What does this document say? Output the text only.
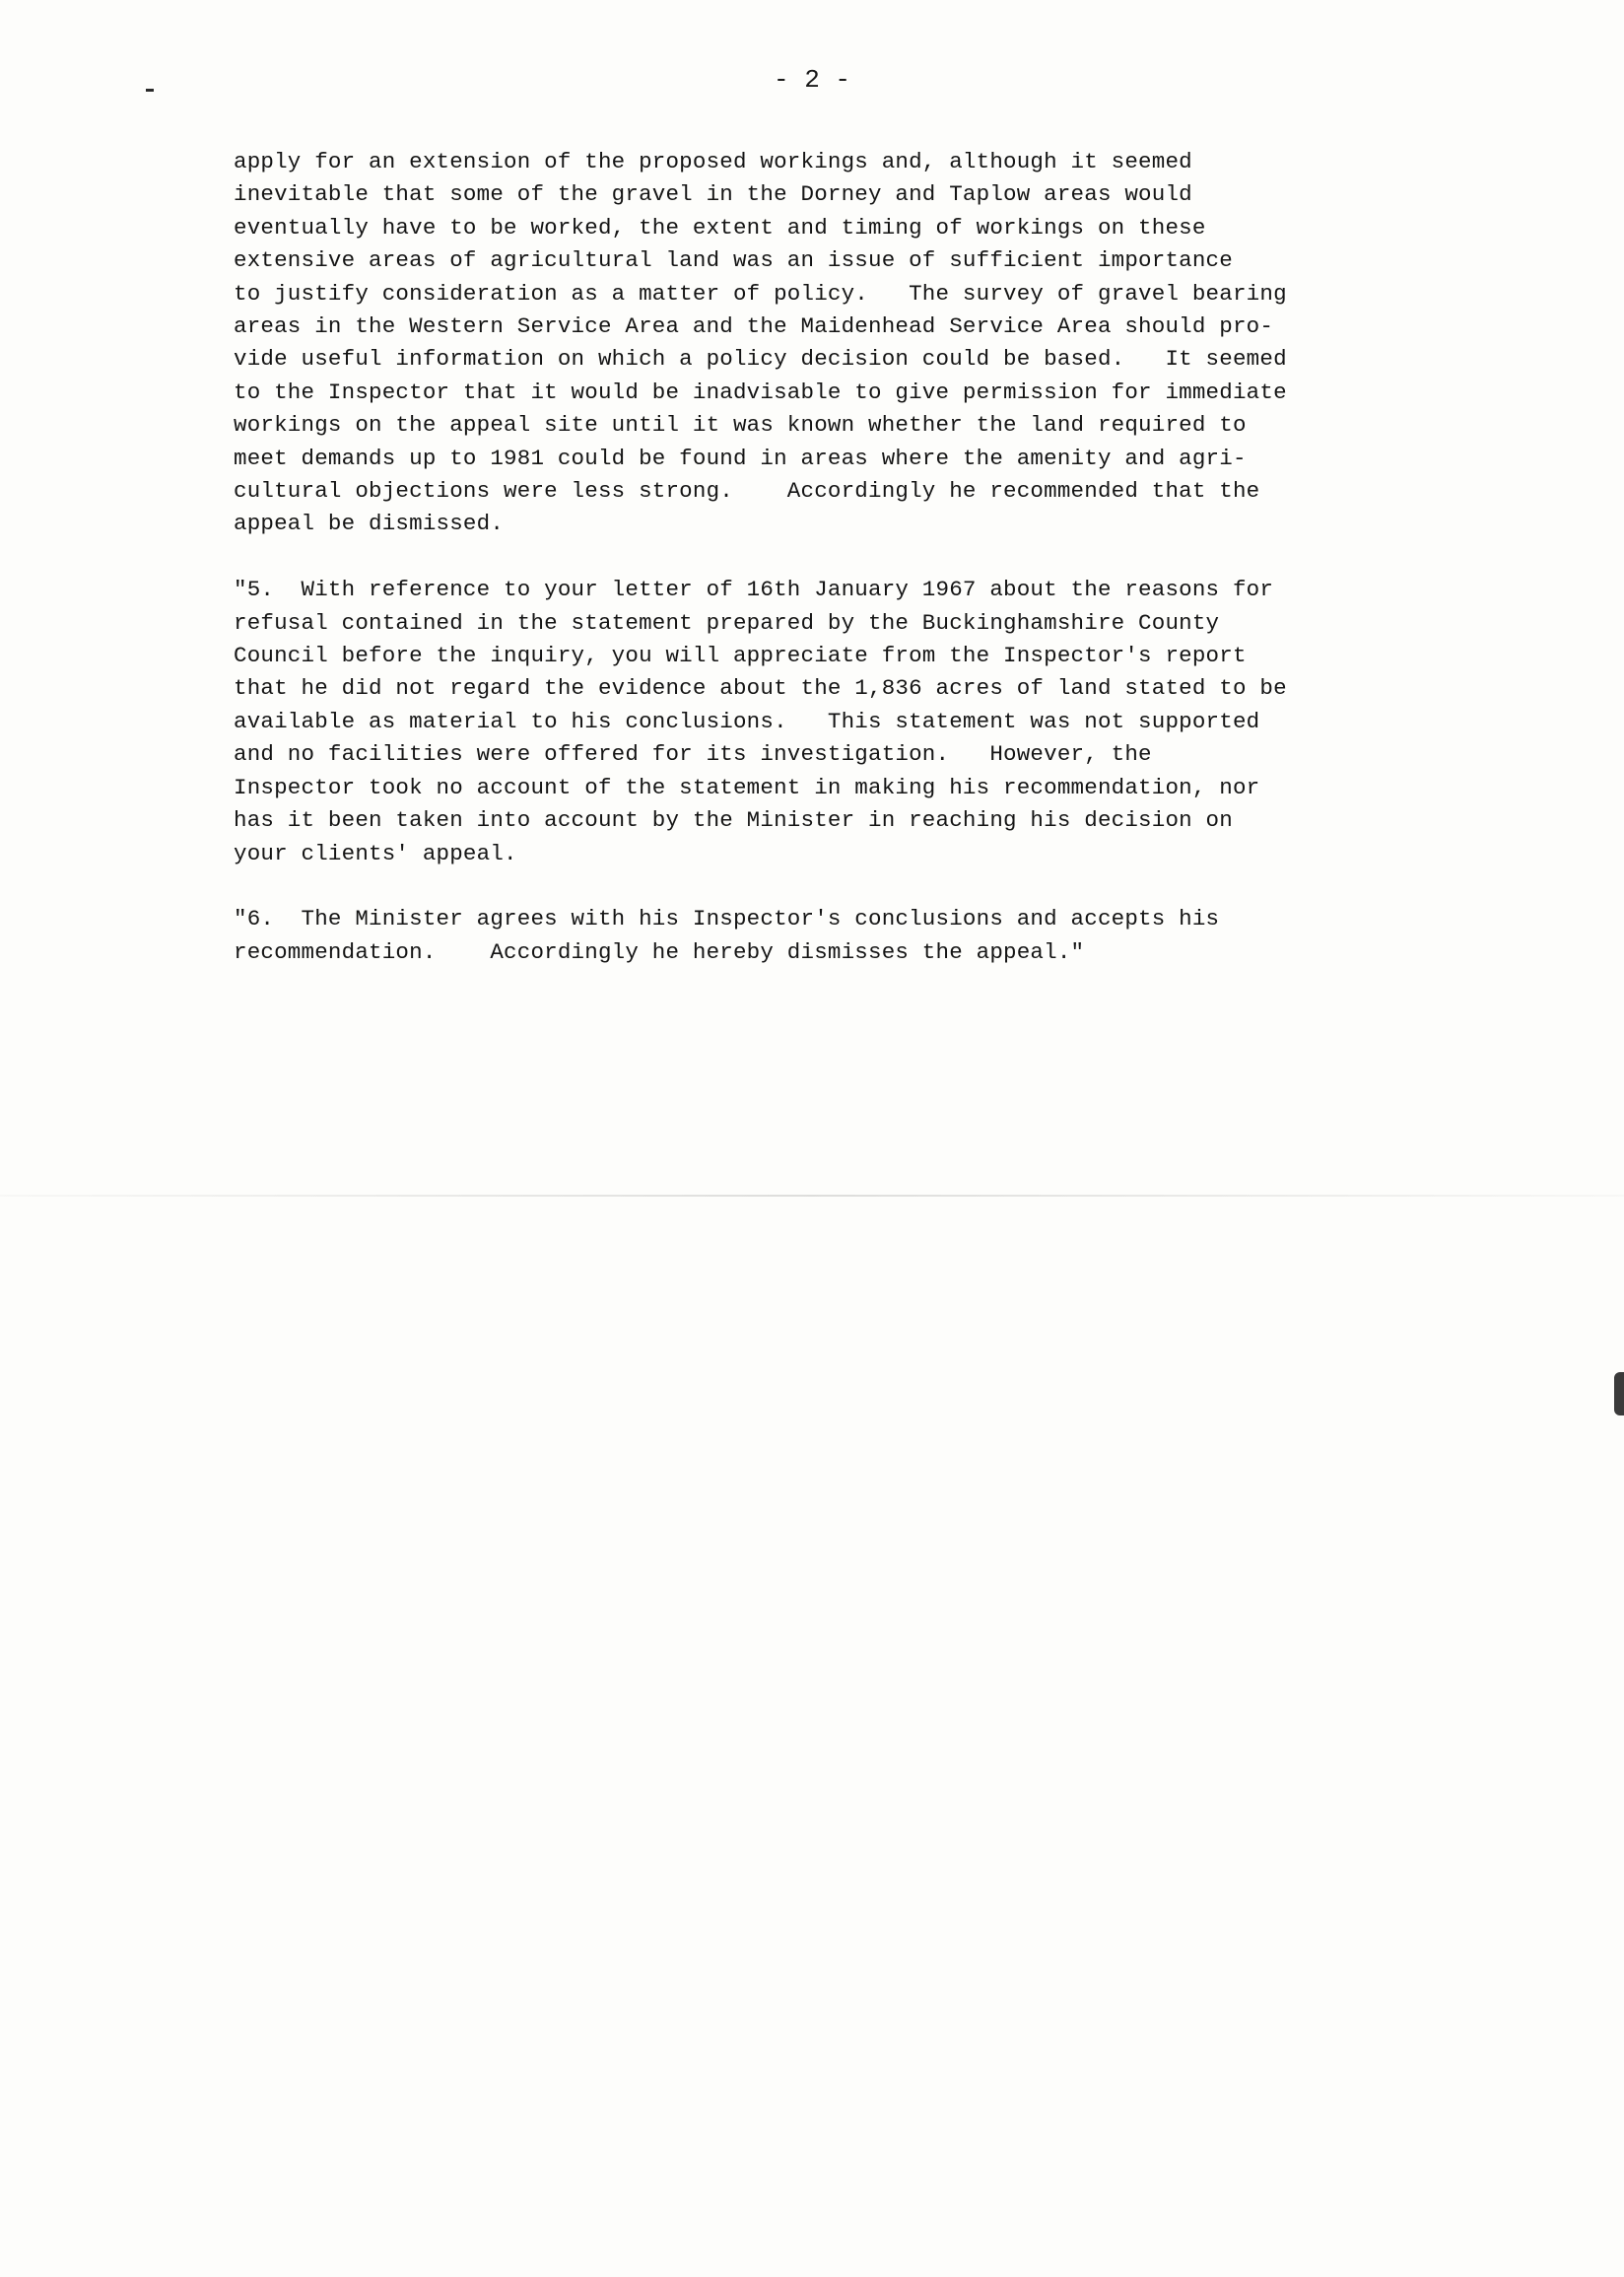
- 2 -
apply for an extension of the proposed workings and, although it seemed
inevitable that some of the gravel in the Dorney and Taplow areas would
eventually have to be worked, the extent and timing of workings on these
extensive areas of agricultural land was an issue of sufficient importance
to justify consideration as a matter of policy.   The survey of gravel bearing
areas in the Western Service Area and the Maidenhead Service Area should pro-
vide useful information on which a policy decision could be based.   It seemed
to the Inspector that it would be inadvisable to give permission for immediate
workings on the appeal site until it was known whether the land required to
meet demands up to 1981 could be found in areas where the amenity and agri-
cultural objections were less strong.    Accordingly he recommended that the
appeal be dismissed.
"5.  With reference to your letter of 16th January 1967 about the reasons for
refusal contained in the statement prepared by the Buckinghamshire County
Council before the inquiry, you will appreciate from the Inspector's report
that he did not regard the evidence about the 1,836 acres of land stated to be
available as material to his conclusions.   This statement was not supported
and no facilities were offered for its investigation.   However, the
Inspector took no account of the statement in making his recommendation, nor
has it been taken into account by the Minister in reaching his decision on
your clients' appeal.
"6.  The Minister agrees with his Inspector's conclusions and accepts his
recommendation.    Accordingly he hereby dismisses the appeal."
